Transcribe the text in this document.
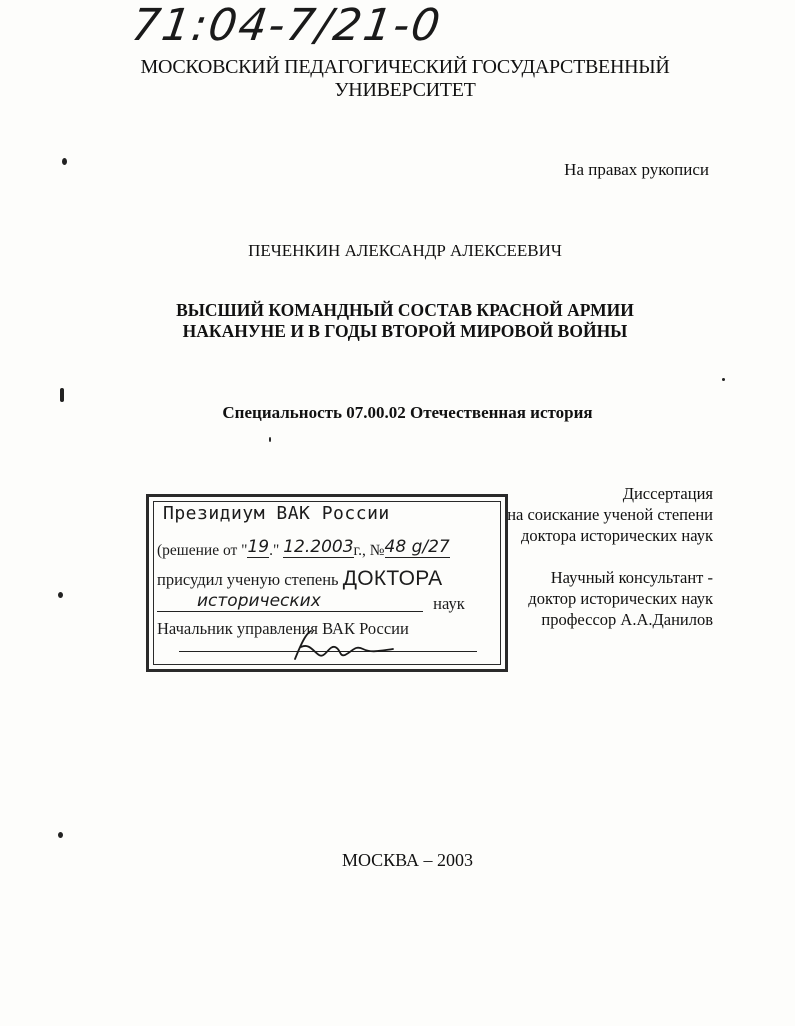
71:04-7/21-0
МОСКОВСКИЙ ПЕДАГОГИЧЕСКИЙ ГОСУДАРСТВЕННЫЙ
УНИВЕРСИТЕТ
На правах рукописи
ПЕЧЕНКИН АЛЕКСАНДР АЛЕКСЕЕВИЧ
ВЫСШИЙ КОМАНДНЫЙ СОСТАВ КРАСНОЙ АРМИИ
НАКАНУНЕ И В ГОДЫ ВТОРОЙ МИРОВОЙ ВОЙНЫ
Специальность 07.00.02 Отечественная история
Диссертация
на соискание ученой степени
доктора исторических наук
Научный консультант -
доктор исторических наук
профессор А.А.Данилов
Президиум ВАК России
(решение от "19." 12.2003г., №48 g/27
присудил ученую степень ДОКТОРА
исторических	наук
Начальник управления ВАК России
МОСКВА – 2003
